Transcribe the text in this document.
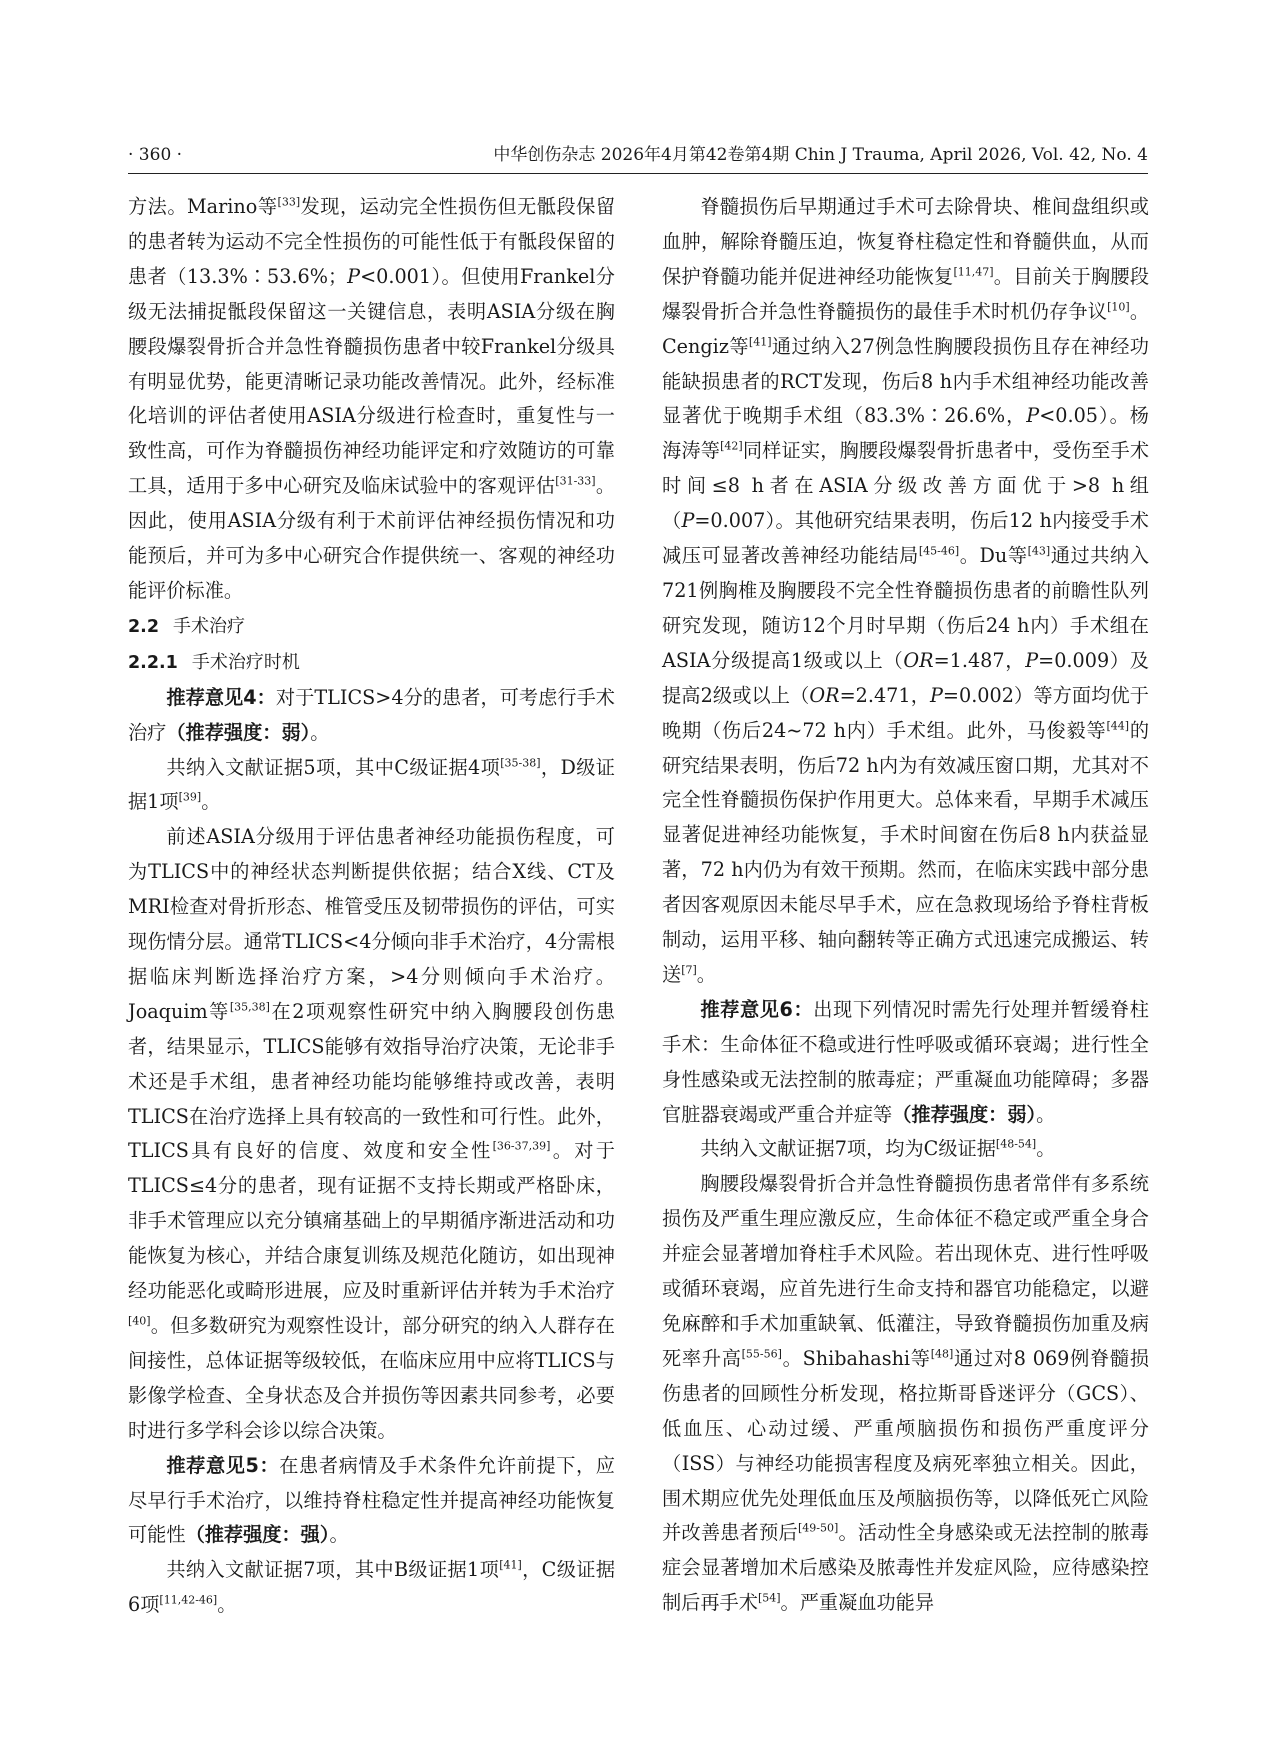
· 360 ·	中华创伤杂志 2026年4月第42卷第4期 Chin J Trauma, April 2026, Vol. 42, No. 4

方法。Marino等[33]发现，运动完全性损伤但无骶段保留的患者转为运动不完全性损伤的可能性低于有骶段保留的患者（13.3%∶53.6%；P<0.001）。但使用Frankel分级无法捕捉骶段保留这一关键信息，表明ASIA分级在胸腰段爆裂骨折合并急性脊髓损伤患者中较Frankel分级具有明显优势，能更清晰记录功能改善情况。此外，经标准化培训的评估者使用ASIA分级进行检查时，重复性与一致性高，可作为脊髓损伤神经功能评定和疗效随访的可靠工具，适用于多中心研究及临床试验中的客观评估[31-33]。因此，使用ASIA分级有利于术前评估神经损伤情况和功能预后，并可为多中心研究合作提供统一、客观的神经功能评价标准。

2.2 手术治疗

2.2.1 手术治疗时机

推荐意见4：对于TLICS>4分的患者，可考虑行手术治疗（推荐强度：弱）。

共纳入文献证据5项，其中C级证据4项[35-38]，D级证据1项[39]。

前述ASIA分级用于评估患者神经功能损伤程度，可为TLICS中的神经状态判断提供依据；结合X线、CT及MRI检查对骨折形态、椎管受压及韧带损伤的评估，可实现伤情分层。通常TLICS<4分倾向非手术治疗，4分需根据临床判断选择治疗方案，>4分则倾向手术治疗。Joaquim等[35,38]在2项观察性研究中纳入胸腰段创伤患者，结果显示，TLICS能够有效指导治疗决策，无论非手术还是手术组，患者神经功能均能够维持或改善，表明TLICS在治疗选择上具有较高的一致性和可行性。此外，TLICS具有良好的信度、效度和安全性[36-37,39]。对于TLICS≤4分的患者，现有证据不支持长期或严格卧床，非手术管理应以充分镇痛基础上的早期循序渐进活动和功能恢复为核心，并结合康复训练及规范化随访，如出现神经功能恶化或畸形进展，应及时重新评估并转为手术治疗[40]。但多数研究为观察性设计，部分研究的纳入人群存在间接性，总体证据等级较低，在临床应用中应将TLICS与影像学检查、全身状态及合并损伤等因素共同参考，必要时进行多学科会诊以综合决策。

推荐意见5：在患者病情及手术条件允许前提下，应尽早行手术治疗，以维持脊柱稳定性并提高神经功能恢复可能性（推荐强度：强）。

共纳入文献证据7项，其中B级证据1项[41]，C级证据6项[11,42-46]。

脊髓损伤后早期通过手术可去除骨块、椎间盘组织或血肿，解除脊髓压迫，恢复脊柱稳定性和脊髓供血，从而保护脊髓功能并促进神经功能恢复[11,47]。目前关于胸腰段爆裂骨折合并急性脊髓损伤的最佳手术时机仍存争议[10]。Cengiz等[41]通过纳入27例急性胸腰段损伤且存在神经功能缺损患者的RCT发现，伤后8 h内手术组神经功能改善显著优于晚期手术组（83.3%∶26.6%，P<0.05）。杨海涛等[42]同样证实，胸腰段爆裂骨折患者中，受伤至手术时间≤8 h者在ASIA分级改善方面优于>8 h组（P=0.007）。其他研究结果表明，伤后12 h内接受手术减压可显著改善神经功能结局[45-46]。Du等[43]通过共纳入721例胸椎及胸腰段不完全性脊髓损伤患者的前瞻性队列研究发现，随访12个月时早期（伤后24 h内）手术组在ASIA分级提高1级或以上（OR=1.487，P=0.009）及提高2级或以上（OR=2.471，P=0.002）等方面均优于晚期（伤后24~72 h内）手术组。此外，马俊毅等[44]的研究结果表明，伤后72 h内为有效减压窗口期，尤其对不完全性脊髓损伤保护作用更大。总体来看，早期手术减压显著促进神经功能恢复，手术时间窗在伤后8 h内获益显著，72 h内仍为有效干预期。然而，在临床实践中部分患者因客观原因未能尽早手术，应在急救现场给予脊柱背板制动，运用平移、轴向翻转等正确方式迅速完成搬运、转送[7]。

推荐意见6：出现下列情况时需先行处理并暂缓脊柱手术：生命体征不稳或进行性呼吸或循环衰竭；进行性全身性感染或无法控制的脓毒症；严重凝血功能障碍；多器官脏器衰竭或严重合并症等（推荐强度：弱）。

共纳入文献证据7项，均为C级证据[48-54]。

胸腰段爆裂骨折合并急性脊髓损伤患者常伴有多系统损伤及严重生理应激反应，生命体征不稳定或严重全身合并症会显著增加脊柱手术风险。若出现休克、进行性呼吸或循环衰竭，应首先进行生命支持和器官功能稳定，以避免麻醉和手术加重缺氧、低灌注，导致脊髓损伤加重及病死率升高[55-56]。Shibahashi等[48]通过对8 069例脊髓损伤患者的回顾性分析发现，格拉斯哥昏迷评分（GCS）、低血压、心动过缓、严重颅脑损伤和损伤严重度评分（ISS）与神经功能损害程度及病死率独立相关。因此，围术期应优先处理低血压及颅脑损伤等，以降低死亡风险并改善患者预后[49-50]。活动性全身感染或无法控制的脓毒症会显著增加术后感染及脓毒性并发症风险，应待感染控制后再手术[54]。严重凝血功能异
